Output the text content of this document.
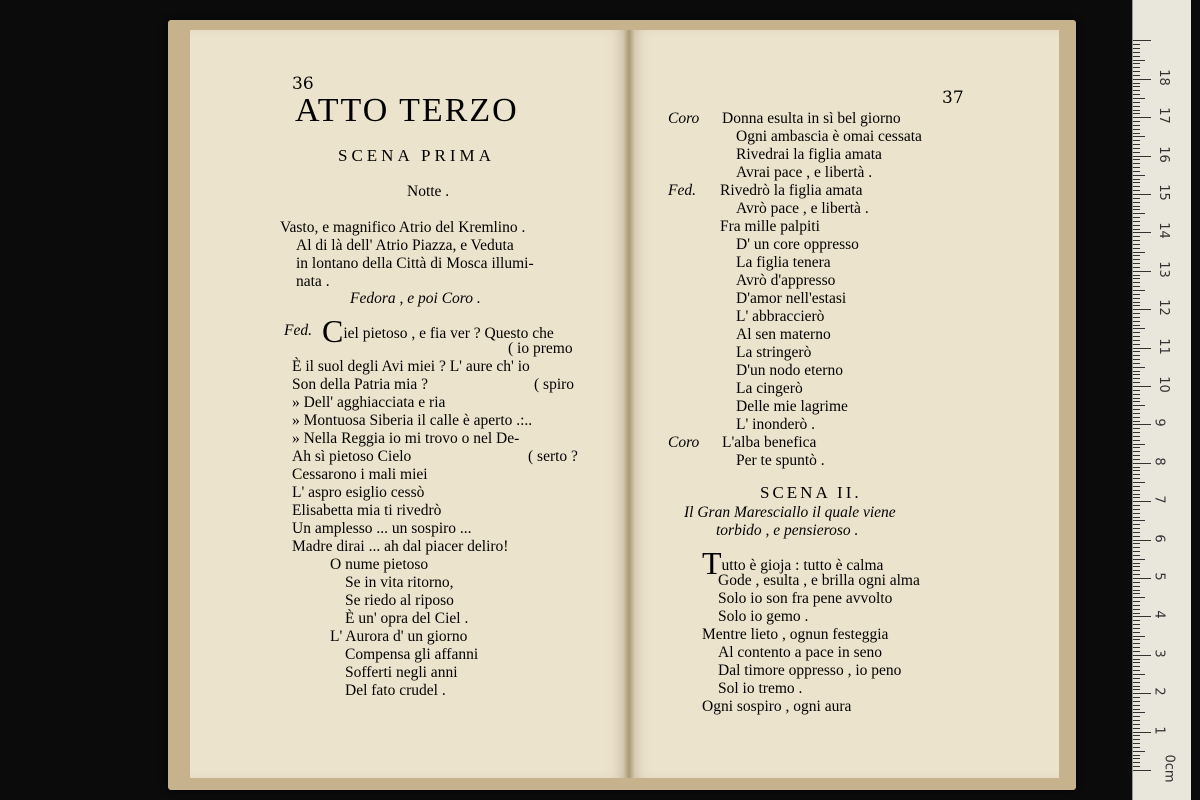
36
ATTO TERZO
SCENA PRIMA
Notte .
Vasto, e magnifico Atrio del Kremlino .
Al di là dell' Atrio Piazza, e Veduta
in lontano della Città di Mosca illumi-
nata .
Fedora , e poi Coro .
Fed. Ciel pietoso , e fia ver ? Questo che
( io premo
È il suol degli Avi miei ? L' aure ch' io
Son della Patria mia ?	( spiro
» Dell' agghiacciata e ria
» Montuosa Siberia il calle è aperto .:..
» Nella Reggia io mi trovo o nel De-
Ah sì pietoso Cielo	( serto ?
Cessarono i mali miei
L' aspro esiglio cessò
Elisabetta mia ti rivedrò
Un amplesso ... un sospiro ...
Madre dirai ... ah dal piacer deliro!
O nume pietoso
Se in vita ritorno,
Se riedo al riposo
È un' opra del Ciel .
L' Aurora d' un giorno
Compensa gli affanni
Sofferti negli anni
Del fato crudel .
37
Coro Donna esulta in sì bel giorno
Ogni ambascia è omai cessata
Rivedrai la figlia amata
Avrai pace , e libertà .
Fed. Rivedrò la figlia amata
Avrò pace , e libertà .
Fra mille palpiti
D' un core oppresso
La figlia tenera
Avrò d'appresso
D'amor nell'estasi
L' abbraccierò
Al sen materno
La stringerò
D'un nodo eterno
La cingerò
Delle mie lagrime
L' inonderò .
Coro L'alba benefica
Per te spuntò .
SCENA II.
Il Gran Maresciallo il quale viene
torbido , e pensieroso .
Tutto è gioja : tutto è calma
Gode , esulta , e brilla ogni alma
Solo io son fra pene avvolto
Solo io gemo .
Mentre lieto , ognun festeggia
Al contento a pace in seno
Dal timore oppresso , io peno
Sol io tremo .
Ogni sospiro , ogni aura
0cm
1
2
3
4
5
6
7
8
9
10
11
12
13
14
15
16
17
18
